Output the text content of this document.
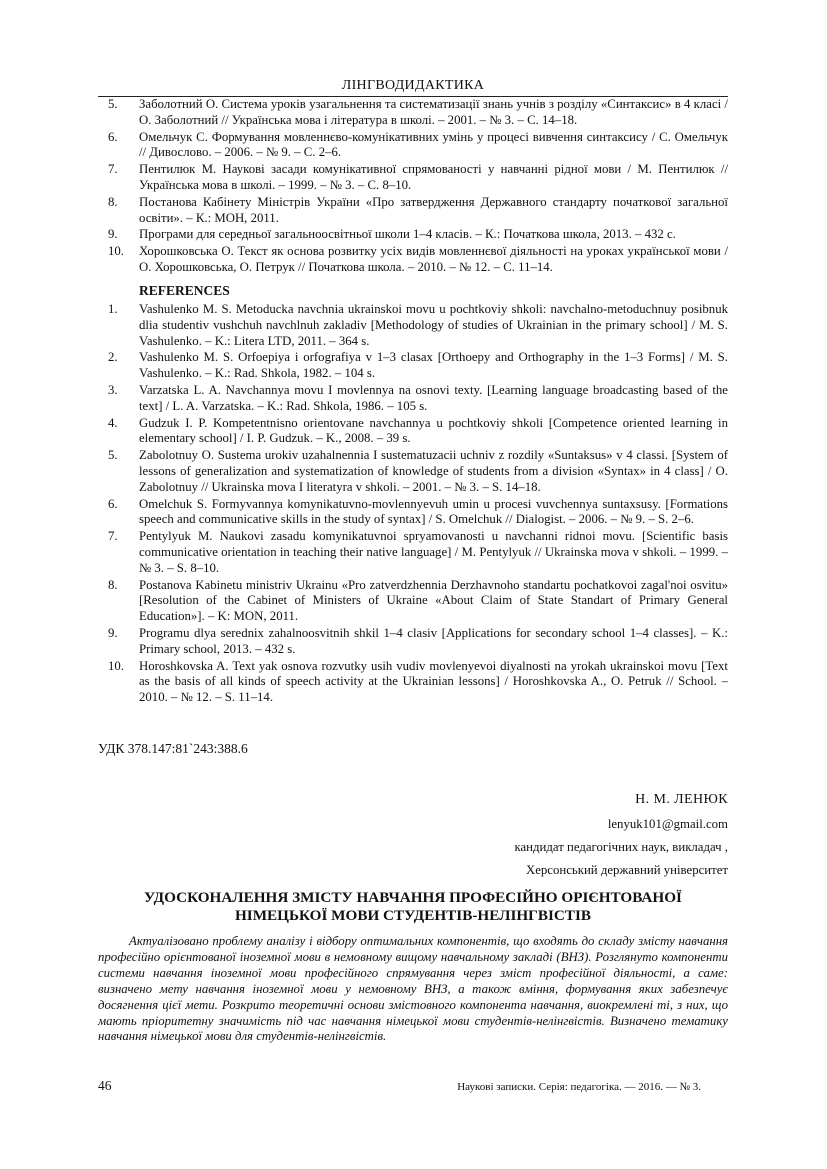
ЛІНГВОДИДАКТИКА
5.	Заболотний О. Система уроків узагальнення та систематизації знань учнів з розділу «Синтаксис» в 4 класі / О. Заболотний // Українська мова і література в школі. – 2001. – № 3. – С. 14–18.
6.	Омельчук С. Формування мовленнєво-комунікативних умінь у процесі вивчення синтаксису / С. Омельчук // Дивослово. – 2006. – № 9. – С. 2–6.
7.	Пентилюк М. Наукові засади комунікативної спрямованості у навчанні рідної мови / М. Пентилюк // Українська мова в школі. – 1999. – № 3. – С. 8–10.
8.	Постанова Кабінету Міністрів України «Про затвердження Державного стандарту початкової загальної освіти». – К.: МОН, 2011.
9.	Програми для середньої загальноосвітньої школи 1–4 класів. – К.: Початкова школа, 2013. – 432 с.
10.	Хорошковська О. Текст як основа розвитку усіх видів мовленнєвої діяльності на уроках української мови / О. Хорошковська, О. Петрук // Початкова школа. – 2010. – № 12. – С. 11–14.
REFERENCES
1.	Vashulenko M. S. Metoducka navchnia ukrainskoi movu u pochtkoviy shkoli: navchalno-metoduchnuy posibnuk dlia studentiv vushchuh navchlnuh zakladiv [Methodology of studies of Ukrainian in the primary school] / M. S. Vashulenko. – K.: Litera LTD, 2011. – 364 s.
2.	Vashulenko M. S. Orfoepiya i orfografiya v 1–3 clasax [Orthoepy and Orthography in the 1–3 Forms] / M. S. Vashulenko. – K.: Rad. Shkola, 1982. – 104 s.
3.	Varzatska L. A. Navchannya movu I movlennya na osnovi texty. [Learning language broadcasting based of the text] / L. A. Varzatska. – K.: Rad. Shkola, 1986. – 105 s.
4.	Gudzuk I. P. Kompetentnisno orientovane navchannya u pochtkoviy shkoli [Competence oriented learning in elementary school] / I. P. Gudzuk. – K., 2008. – 39 s.
5.	Zabolotnuy O. Sustema urokiv uzahalnennia I sustematuzacii uchniv z rozdily «Suntaksus» v 4 classi. [System of lessons of generalization and systematization of knowledge of students from a division «Syntax» in 4 class] / O. Zabolotnuy // Ukrainska mova I literatyra v shkoli. – 2001. – № 3. – S. 14–18.
6.	Omelchuk S. Formyvannya komynikatuvno-movlennyevuh umin u procesi vuvchennya suntaxsusy. [Formations speech and communicative skills in the study of syntax] / S. Omelchuk // Dialogist. – 2006. – № 9. – S. 2–6.
7.	Pentylyuk M. Naukovi zasadu komynikatuvnoi spryamovanosti u navchanni ridnoi movu. [Scientific basis communicative orientation in teaching their native language] / M. Pentylyuk // Ukrainska mova v shkoli. – 1999. – № 3. – S. 8–10.
8.	Postanova Kabinetu ministriv Ukrainu «Pro zatverdzhennia Derzhavnoho standartu pochatkovoi zagal'noi osvitu» [Resolution of the Cabinet of Ministers of Ukraine «About Claim of State Standart of Primary General Education»]. – K: MON, 2011.
9.	Programu dlya serednix zahalnoosvitnih shkil 1–4 clasiv [Applications for secondary school 1–4 classes]. – K.: Primary school, 2013. – 432 s.
10.	Horoshkovska A. Text yak osnova rozvutky usih vudiv movlenyevoi diyalnosti na yrokah ukrainskoi movu [Text as the basis of all kinds of speech activity at the Ukrainian lessons] / Horoshkovska A., O. Petruk // School. – 2010. – № 12. – S. 11–14.
УДК 378.147:81`243:388.6
Н. М. ЛЕНЮК
lenyuk101@gmail.com
кандидат педагогічних наук, викладач ,
Херсонський державний університет
УДОСКОНАЛЕННЯ ЗМІСТУ НАВЧАННЯ ПРОФЕСІЙНО ОРІЄНТОВАНОЇ
НІМЕЦЬКОЇ МОВИ СТУДЕНТІВ-НЕЛІНГВІСТІВ
Актуалізовано проблему аналізу і відбору оптимальних компонентів, що входять до складу змісту навчання професійно орієнтованої іноземної мови в немовному вищому навчальному закладі (ВНЗ). Розглянуто компоненти системи навчання іноземної мови професійного спрямування через зміст професійної діяльності, а саме: визначено мету навчання іноземної мови у немовному ВНЗ, а також вміння, формування яких забезпечує досягнення цієї мети. Розкрито теоретичні основи змістовного компонента навчання, виокремлені ті, з них, що мають пріоритетну значимість під час навчання німецької мови студентів-нелінгвістів. Визначено тематику навчання німецької мови для студентів-нелінгвістів.
46	Наукові записки. Серія: педагогіка. — 2016. — № 3.
